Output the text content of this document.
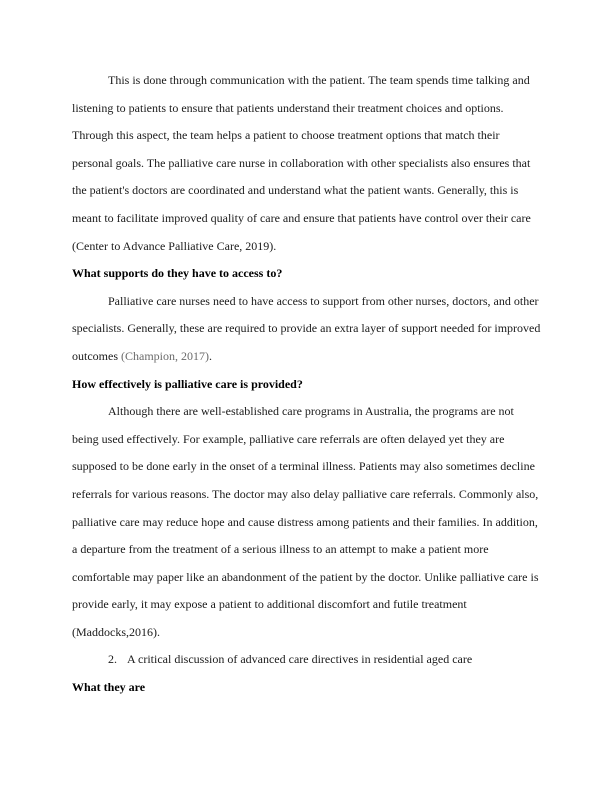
This is done through communication with the patient. The team spends time talking and listening to patients to ensure that patients understand their treatment choices and options. Through this aspect, the team helps a patient to choose treatment options that match their personal goals. The palliative care nurse in collaboration with other specialists also ensures that the patient's doctors are coordinated and understand what the patient wants. Generally, this is meant to facilitate improved quality of care and ensure that patients have control over their care (Center to Advance Palliative Care, 2019).

What supports do they have to access to?

Palliative care nurses need to have access to support from other nurses, doctors, and other specialists. Generally, these are required to provide an extra layer of support needed for improved outcomes (Champion, 2017).

How effectively is palliative care is provided?

Although there are well-established care programs in Australia, the programs are not being used effectively. For example, palliative care referrals are often delayed yet they are supposed to be done early in the onset of a terminal illness. Patients may also sometimes decline referrals for various reasons. The doctor may also delay palliative care referrals. Commonly also, palliative care may reduce hope and cause distress among patients and their families. In addition, a departure from the treatment of a serious illness to an attempt to make a patient more comfortable may paper like an abandonment of the patient by the doctor. Unlike palliative care is provide early, it may expose a patient to additional discomfort and futile treatment (Maddocks,2016).

2. A critical discussion of advanced care directives in residential aged care

What they are
